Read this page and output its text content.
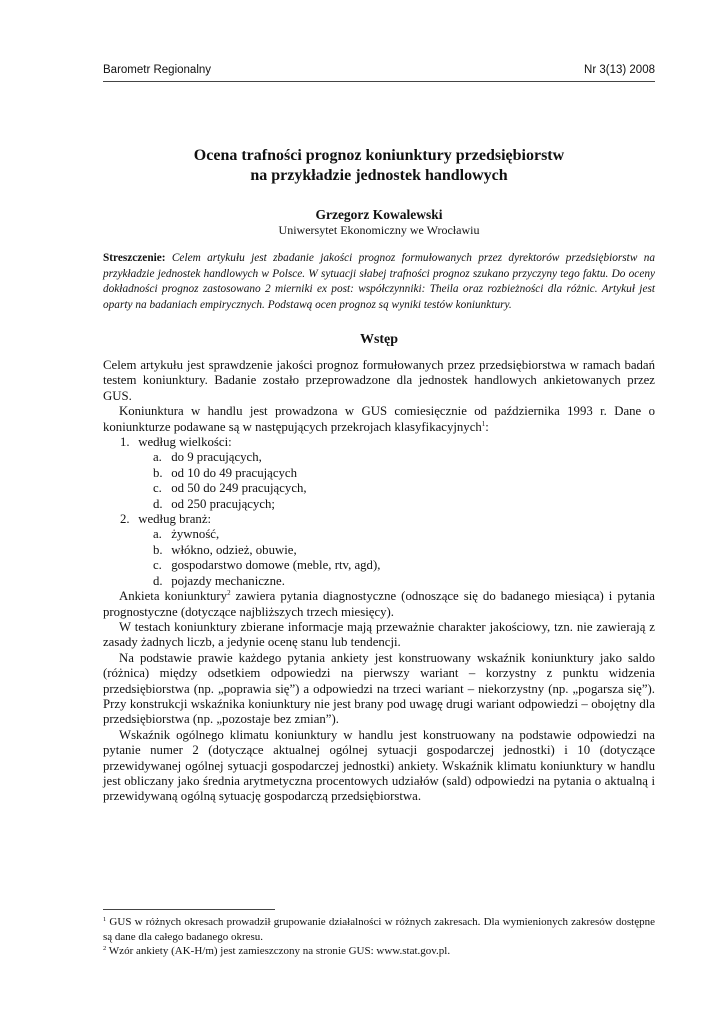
Barometr Regionalny	Nr 3(13) 2008
Ocena trafności prognoz koniunktury przedsiębiorstw
na przykładzie jednostek handlowych
Grzegorz Kowalewski
Uniwersytet Ekonomiczny we Wrocławiu
Streszczenie: Celem artykułu jest zbadanie jakości prognoz formułowanych przez dyrektorów przedsiębiorstw na przykładzie jednostek handlowych w Polsce. W sytuacji słabej trafności prognoz szukano przyczyny tego faktu. Do oceny dokładności prognoz zastosowano 2 mierniki ex post: współczynniki: Theila oraz rozbieżności dla różnic. Artykuł jest oparty na badaniach empirycznych. Podstawą ocen prognoz są wyniki testów koniunktury.
Wstęp

Celem artykułu jest sprawdzenie jakości prognoz formułowanych przez przedsiębiorstwa w ramach badań testem koniunktury. Badanie zostało przeprowadzone dla jednostek handlowych ankietowanych przez GUS.

Koniunktura w handlu jest prowadzona w GUS comiesięcznie od października 1993 r. Dane o koniunkturze podawane są w następujących przekrojach klasyfikacyjnych$^1$:

1. według wielkości:
a. do 9 pracujących,
b. od 10 do 49 pracujących
c. od 50 do 249 pracujących,
d. od 250 pracujących;
2. według branż:
a. żywność,
b. włókno, odzież, obuwie,
c. gospodarstwo domowe (meble, rtv, agd),
d. pojazdy mechaniczne.

Ankieta koniunktury$^2$ zawiera pytania diagnostyczne (odnoszące się do badanego miesiąca) i pytania prognostyczne (dotyczące najbliższych trzech miesięcy).

W testach koniunktury zbierane informacje mają przeważnie charakter jakościowy, tzn. nie zawierają z zasady żadnych liczb, a jedynie ocenę stanu lub tendencji.

Na podstawie prawie każdego pytania ankiety jest konstruowany wskaźnik koniunktury jako saldo (różnica) między odsetkiem odpowiedzi na pierwszy wariant – korzystny z punktu widzenia przedsiębiorstwa (np. „poprawia się”) a odpowiedzi na trzeci wariant – niekorzystny (np. „pogarsza się”). Przy konstrukcji wskaźnika koniunktury nie jest brany pod uwagę drugi wariant odpowiedzi – obojętny dla przedsiębiorstwa (np. „pozostaje bez zmian”).

Wskaźnik ogólnego klimatu koniunktury w handlu jest konstruowany na podstawie odpowiedzi na pytanie numer 2 (dotyczące aktualnej ogólnej sytuacji gospodarczej jednostki) i 10 (dotyczące przewidywanej ogólnej sytuacji gospodarczej jednostki) ankiety. Wskaźnik klimatu koniunktury w handlu jest obliczany jako średnia arytmetyczna procentowych udziałów (sald) odpowiedzi na pytania o aktualną i przewidywaną ogólną sytuację gospodarczą przedsiębiorstwa.

$^1$ GUS w różnych okresach prowadził grupowanie działalności w różnych zakresach. Dla wymienionych zakresów dostępne są dane dla całego badanego okresu.
$^2$ Wzór ankiety (AK-H/m) jest zamieszczony na stronie GUS: www.stat.gov.pl.
